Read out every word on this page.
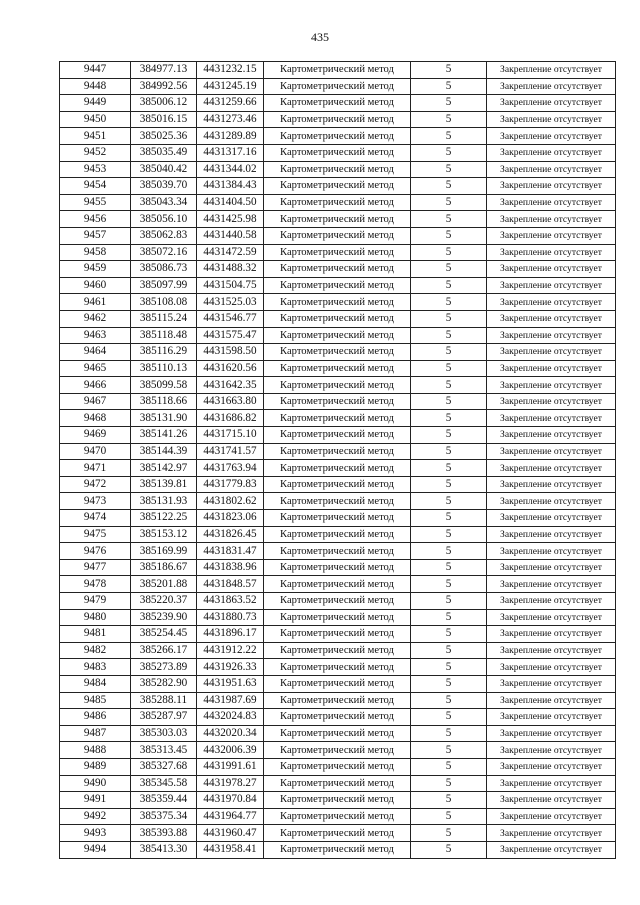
435
9447	384977.13	4431232.15	Картометрический метод	5	Закрепление отсутствует
9448	384992.56	4431245.19	Картометрический метод	5	Закрепление отсутствует
9449	385006.12	4431259.66	Картометрический метод	5	Закрепление отсутствует
9450	385016.15	4431273.46	Картометрический метод	5	Закрепление отсутствует
9451	385025.36	4431289.89	Картометрический метод	5	Закрепление отсутствует
9452	385035.49	4431317.16	Картометрический метод	5	Закрепление отсутствует
9453	385040.42	4431344.02	Картометрический метод	5	Закрепление отсутствует
9454	385039.70	4431384.43	Картометрический метод	5	Закрепление отсутствует
9455	385043.34	4431404.50	Картометрический метод	5	Закрепление отсутствует
9456	385056.10	4431425.98	Картометрический метод	5	Закрепление отсутствует
9457	385062.83	4431440.58	Картометрический метод	5	Закрепление отсутствует
9458	385072.16	4431472.59	Картометрический метод	5	Закрепление отсутствует
9459	385086.73	4431488.32	Картометрический метод	5	Закрепление отсутствует
9460	385097.99	4431504.75	Картометрический метод	5	Закрепление отсутствует
9461	385108.08	4431525.03	Картометрический метод	5	Закрепление отсутствует
9462	385115.24	4431546.77	Картометрический метод	5	Закрепление отсутствует
9463	385118.48	4431575.47	Картометрический метод	5	Закрепление отсутствует
9464	385116.29	4431598.50	Картометрический метод	5	Закрепление отсутствует
9465	385110.13	4431620.56	Картометрический метод	5	Закрепление отсутствует
9466	385099.58	4431642.35	Картометрический метод	5	Закрепление отсутствует
9467	385118.66	4431663.80	Картометрический метод	5	Закрепление отсутствует
9468	385131.90	4431686.82	Картометрический метод	5	Закрепление отсутствует
9469	385141.26	4431715.10	Картометрический метод	5	Закрепление отсутствует
9470	385144.39	4431741.57	Картометрический метод	5	Закрепление отсутствует
9471	385142.97	4431763.94	Картометрический метод	5	Закрепление отсутствует
9472	385139.81	4431779.83	Картометрический метод	5	Закрепление отсутствует
9473	385131.93	4431802.62	Картометрический метод	5	Закрепление отсутствует
9474	385122.25	4431823.06	Картометрический метод	5	Закрепление отсутствует
9475	385153.12	4431826.45	Картометрический метод	5	Закрепление отсутствует
9476	385169.99	4431831.47	Картометрический метод	5	Закрепление отсутствует
9477	385186.67	4431838.96	Картометрический метод	5	Закрепление отсутствует
9478	385201.88	4431848.57	Картометрический метод	5	Закрепление отсутствует
9479	385220.37	4431863.52	Картометрический метод	5	Закрепление отсутствует
9480	385239.90	4431880.73	Картометрический метод	5	Закрепление отсутствует
9481	385254.45	4431896.17	Картометрический метод	5	Закрепление отсутствует
9482	385266.17	4431912.22	Картометрический метод	5	Закрепление отсутствует
9483	385273.89	4431926.33	Картометрический метод	5	Закрепление отсутствует
9484	385282.90	4431951.63	Картометрический метод	5	Закрепление отсутствует
9485	385288.11	4431987.69	Картометрический метод	5	Закрепление отсутствует
9486	385287.97	4432024.83	Картометрический метод	5	Закрепление отсутствует
9487	385303.03	4432020.34	Картометрический метод	5	Закрепление отсутствует
9488	385313.45	4432006.39	Картометрический метод	5	Закрепление отсутствует
9489	385327.68	4431991.61	Картометрический метод	5	Закрепление отсутствует
9490	385345.58	4431978.27	Картометрический метод	5	Закрепление отсутствует
9491	385359.44	4431970.84	Картометрический метод	5	Закрепление отсутствует
9492	385375.34	4431964.77	Картометрический метод	5	Закрепление отсутствует
9493	385393.88	4431960.47	Картометрический метод	5	Закрепление отсутствует
9494	385413.30	4431958.41	Картометрический метод	5	Закрепление отсутствует
